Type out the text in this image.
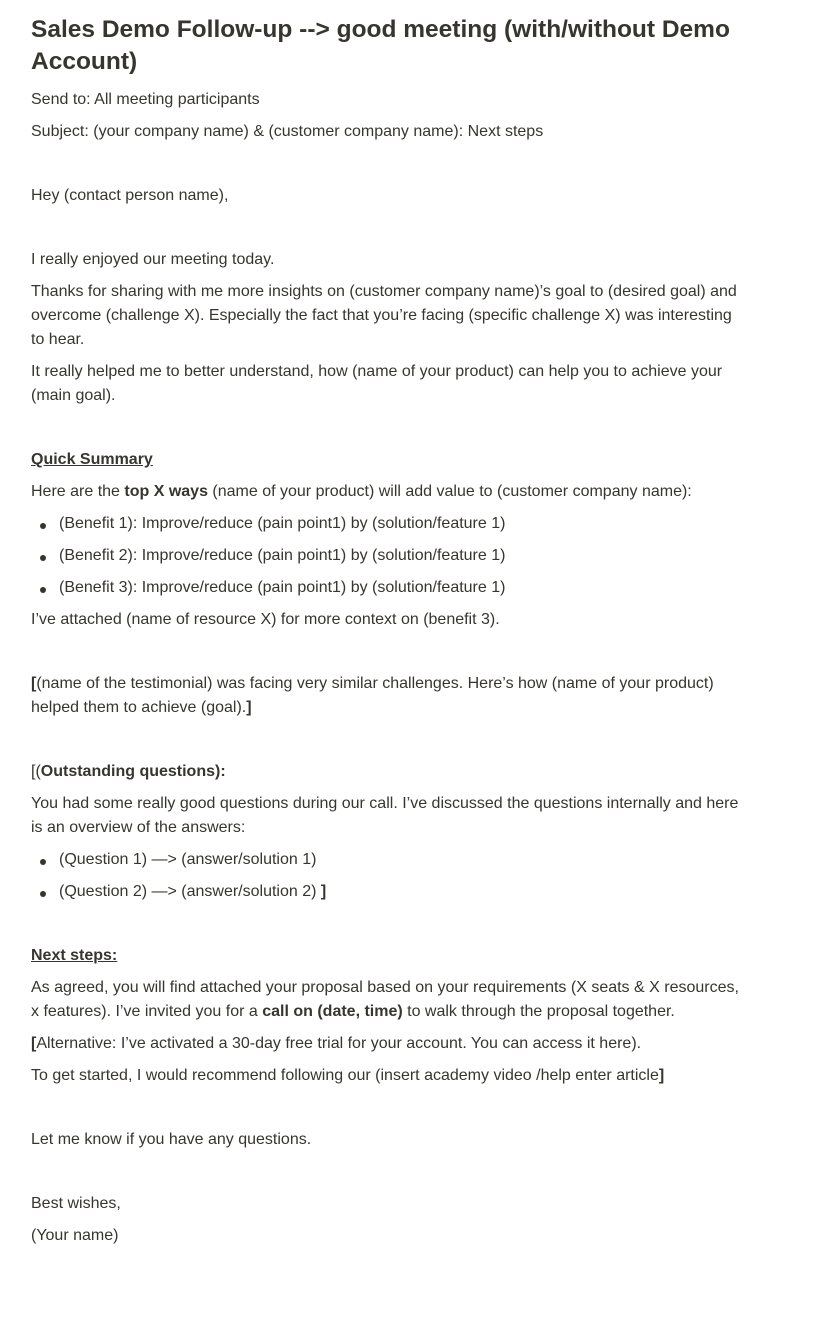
Sales Demo Follow-up --> good meeting (with/without Demo Account)

Send to: All meeting participants

Subject: (your company name) & (customer company name): Next steps

Hey (contact person name),

I really enjoyed our meeting today.

Thanks for sharing with me more insights on (customer company name)’s goal to (desired goal) and overcome (challenge X). Especially the fact that you’re facing (specific challenge X) was interesting to hear.

It really helped me to better understand, how (name of your product) can help you to achieve your (main goal).

Quick Summary

Here are the top X ways (name of your product) will add value to (customer company name):

(Benefit 1): Improve/reduce (pain point1) by (solution/feature 1)
(Benefit 2): Improve/reduce (pain point1) by (solution/feature 1)
(Benefit 3): Improve/reduce (pain point1) by (solution/feature 1)

I’ve attached (name of resource X) for more context on (benefit 3).

[(name of the testimonial) was facing very similar challenges. Here’s how (name of your product) helped them to achieve (goal).]

[(Outstanding questions):

You had some really good questions during our call. I’ve discussed the questions internally and here is an overview of the answers:

(Question 1) —> (answer/solution 1)
(Question 2) —> (answer/solution 2) ]

Next steps:

As agreed, you will find attached your proposal based on your requirements (X seats & X resources, x features). I’ve invited you for a call on (date, time) to walk through the proposal together.

[Alternative: I’ve activated a 30-day free trial for your account. You can access it here).

To get started, I would recommend following our (insert academy video /help enter article]

Let me know if you have any questions.

Best wishes,

(Your name)
